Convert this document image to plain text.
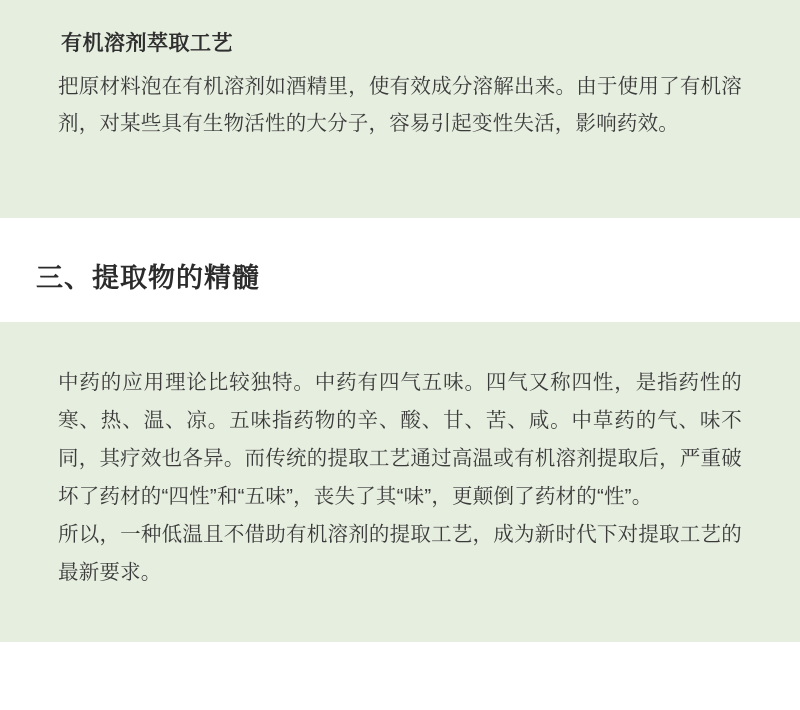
有机溶剂萃取工艺

把原材料泡在有机溶剂如酒精里，使有效成分溶解出来。由于使用了有机溶剂，对某些具有生物活性的大分子，容易引起变性失活，影响药效。

三、提取物的精髓

中药的应用理论比较独特。中药有四气五味。四气又称四性，是指药性的寒、热、温、凉。五味指药物的辛、酸、甘、苦、咸。中草药的气、味不同，其疗效也各异。而传统的提取工艺通过高温或有机溶剂提取后，严重破坏了药材的“四性”和“五味”，丧失了其“味”，更颠倒了药材的“性”。

所以，一种低温且不借助有机溶剂的提取工艺，成为新时代下对提取工艺的最新要求。
